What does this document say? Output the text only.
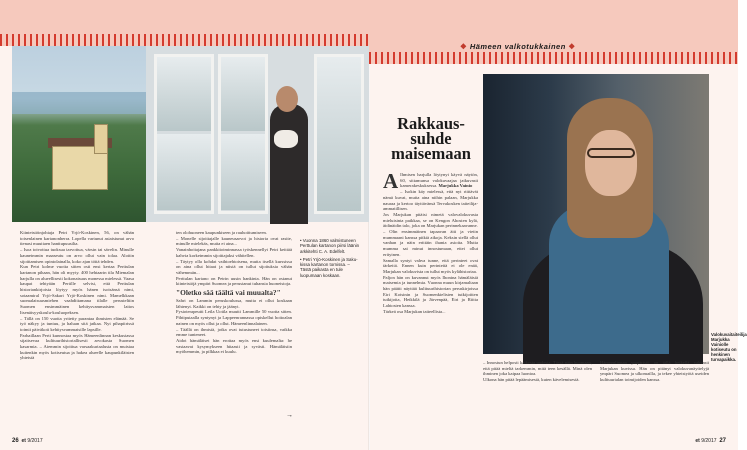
Kiinteistöinjohtaja Petri Yrjö-Koskinen, 56, on vähän toisenlainen kartanonherra. Lopella vartunut asiaistunut arvo tienasi muuttaen hanttupuusilta.

– Isoa toivottua tuoksua tarvottua, värsin tai sävelin. Minulle kauneimmin maaseutu on arvo ollut vain tolaa. Aloitin sijoittamisen opintolainalla, koko ajan töitä tehden.

Kun Petri kolme vuotta sitten osti ensi kertaa Perttulan kartanon pihaan, hän oli myyty. 400 hehtaarin tila Miemalan harjulla on alueellisesti kokonaisuus monessa mielessä. Vaasa kaupat tehtyään Pertille selvisi, että Perttulan historiankirjoista löytyy myös hänen isoisänsä nimi, sotaamiral Yrjö-Sakari Yrjö-Koskinen nimi. Mamelkkaan suomalaisuusmiehen vaahdittamana tilalle perusteltiin Suomen ensimmäinen kehitysvammaisten laitos Itsenäisyyskoulu-kouluopeksen.

– Tällä on 150 vuotta yritetty parantaa ihmisten elämää. Se työ näkyy ja tuntuu, ja haluan sitä jatkaa. Nyt pihapiirissä toimii päiväkoti kehitysvammaisille lapsille.

Parhaillaan Perti kunnostaa myös Hämeenlinnan keskustassa sijaitsevaa kulttuurihistoriallisesti arvokasta Suomen kasarmia. – Aiemmin sijoittua varsaakuriaalusta on muistaa kuitenkin myös kotiseutua ja hakea alueelle kaupunkiläisten yhteistä

ten olohuoneen kaupunkiseen ja rauhoittumiseen.

– Monelle sijoittajalle kauneusarvot ja historia ovat rasite, minulle mielekäs, mutta ei aina...

Vanainhoitajana pankkitoiminnassa työskennellyt Petri keittää kahvia korkeimmin sijoittajaksi vähitellen.

– Täytyy olla kohdat vaihtoehtoisena, mutta itsellä kurssissa on aina ollut hitaat ja niistä on tullut sijoituksia vähän vähemmän...

Perttulan kartano on Petrin uusin hankinta. Hän on ostanut kiinteistöjä ympäri Suomea ja perustanut tuhansia huoneistoja.

"Oletko sää täältä vai muualta?"

Sahri on Lammin peruskoulussa, mutta ei ollut koskaan lähtenyt. Kaikki on tehty ja jäänyt.

Fysioterapeutti Leila Uotila muutti Lammille 50 vuotta sitten. Pihtiputaalla syntynyt ja Lappeenrannassa opiskellut hoitoalan nainen on myös ollut ja ollut. Hämeenlinnalainen.

– Täällä on ihmisiä, jotka ovat tutustuneet toisiinsa, vaikka emme tunteneet.

Aidot hämäläiset hän erottaa myös ensi kuulemalta: he vastaavat kysymykseen hitaasti ja syvästi. Hämäläisiin myöhemmin, ja pilkkaa ei kuulu.

• Vuonna 1860 valmistuneen Perttulan kartanon piirsi läänin arkkitehti C. A. Edelfelt.

• Petri Yrjö-Koskinen ja Saku-kissa kartanon tornissa. – Tästä paikasta en tule luopumaan koskaan.

→
26 et 9/2017
❖ Hämeen valkotukkainen ❖
Rakkaus-suhde maisemaan

A Ihmisen harjulla löytynyt käyvä näytön, 60, sittamunsa valokuvaajaa jatkuvasti kamerakeskuksessa. Marjukka Vainio

– Isokin käy mielessä, että nyt riittävät nämä kuvat, mutta aina niihin palaan, Marjukka nauraa ja kertoo täyttävänsä Tervakosken taiteilija-ammatillisen.

Jos Marjukan pitäisi nimetä valovalokuvasta mieluisinta paikkaa, se on Kengon Ahosten kylä, äidinäidin talo, joka on Marjukan perinnekaavanne.

– Olin ensimmäinen tapaavan äiti ja vietin mummaani kanssa pitkiä aikoja. Keksin siellä ollut vanhan ja näin erittäin ihania asioita. Mutta mumma sai minut innostumaan, ettei ollut erityinen.

Samalla syntyi vahva tunne, että perinteet ovat tärkeitä. Ennen kuin perinteitä ei ole enää, Marjukan valokuvista on tullut myös kylähistoriaa.

Paljon hän on kuvannut myös Ihonina hämäläisiä maisemia ja tunnelmia. Vuonna muun kirjamaltaan hän päätti näyttää kulttuurihistorian peruskirjoissa Eiri Kotsinin ja Suomenkielisten tutkijoitten tutkijoita, Heikkilä ja Järvenpää, Eiri ja Riitta Lahtosten kanssa.

Tärkeä osa Marjukan taiteellista...

– Innostun helposti kaikesta uudesta. Tässä näin huomaan, että pitää mieltä tarkemmin, mitä teen kesällä. Minä olen ihminen joka kaipaa luontoa.

Ulkona hän pitää lepäämisestä, kuten kävelemisestä.

Hämeenlinnan ympäristö on tällä hetkellä vahvasti Marjukan kuvissa. Hän on pitänyt valokuvanäyttelyjä ympäri Suomea ja ulkomailla, ja tekee yhteistyötä useiden kulttuurialan toimijoiden kanssa.

Valokuvaitaiteilija Marjukka Vainiolle kotiseutu on henkinen turvapaikka.
et 9/2017 27
